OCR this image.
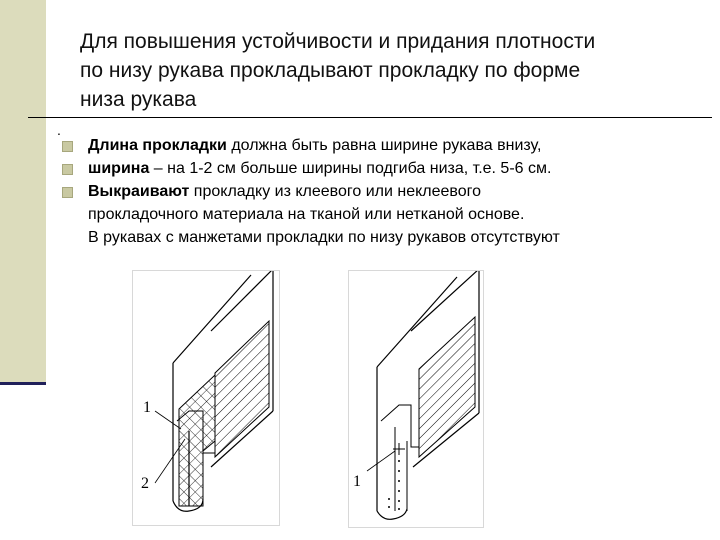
Для повышения устойчивости и придания плотности
по низу рукава прокладывают прокладку по форме
низа рукава
.
Длина прокладки должна быть равна ширине рукава внизу,
ширина – на 1-2 см больше ширины подгиба низа, т.е. 5-6 см.
Выкраивают прокладку из клеевого или неклеевого
прокладочного материала на тканой или нетканой основе.
В рукавах с манжетами прокладки по низу рукавов отсутствуют
1
2	1
